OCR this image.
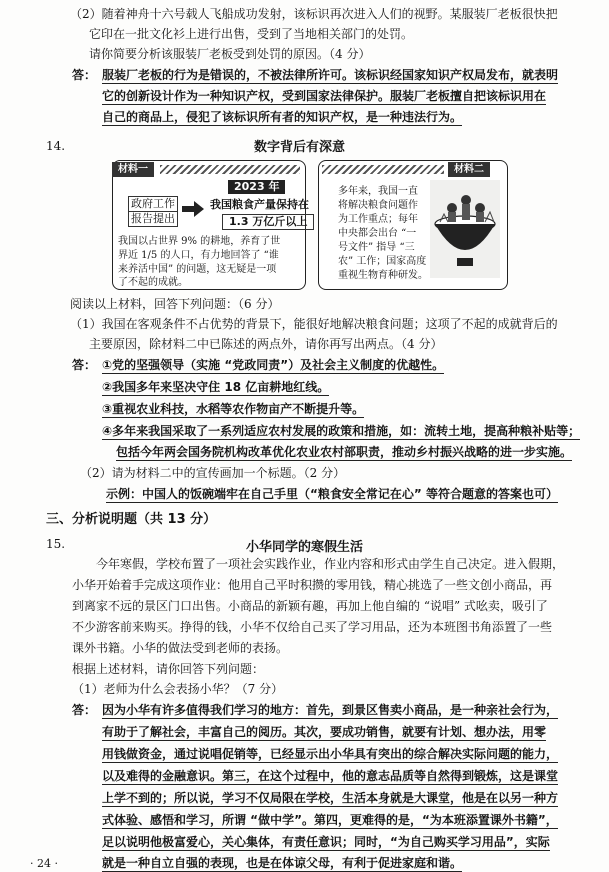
（2）随着神舟十六号载人飞船成功发射，该标识再次进入人们的视野。某服装厂老板很快把
它印在一批文化衫上进行出售，受到了当地相关部门的处罚。
请你简要分析该服装厂老板受到处罚的原因。（4 分）
答： 服装厂老板的行为是错误的，不被法律所许可。该标识经国家知识产权局发布，就表明
它的创新设计作为一种知识产权，受到国家法律保护。服装厂老板擅自把该标识用在
自己的商品上，侵犯了该标识所有者的知识产权，是一种违法行为。
14.	数字背后有深意
材料一
2023 年
政府工作
报告提出
我国粮食产量保持在
1.3 万亿斤以上
我国以占世界 9% 的耕地，养育了世
界近 1/5 的人口，有力地回答了 “谁
来养活中国” 的问题，这无疑是一项
了不起的成就。
材料二
多年来，我国一直
将解决粮食问题作
为工作重点；每年
中央都会出台 “一
号文件” 指导 “三
农” 工作；国家高度
重视生物育种研发。
阅读以上材料，回答下列问题：（6 分）
（1）我国在客观条件不占优势的背景下，能很好地解决粮食问题；这项了不起的成就背后的
主要原因，除材料二中已陈述的两点外，请你再写出两点。（4 分）
答： ①党的坚强领导（实施 “党政同责”）及社会主义制度的优越性。
②我国多年来坚决守住 18 亿亩耕地红线。
③重视农业科技，水稻等农作物亩产不断提升等。
④多年来我国采取了一系列适应农村发展的政策和措施，如：流转土地，提高种粮补贴等；
包括今年两会国务院机构改革优化农业农村部职责，推动乡村振兴战略的进一步实施。
（2）请为材料二中的宣传画加一个标题。（2 分）
示例：中国人的饭碗端牢在自己手里（“粮食安全常记在心” 等符合题意的答案也可）
三、分析说明题（共 13 分）
15.	小华同学的寒假生活
今年寒假，学校布置了一项社会实践作业，作业内容和形式由学生自己决定。进入假期，
小华开始着手完成这项作业：他用自己平时积攒的零用钱，精心挑选了一些文创小商品，再
到离家不远的景区门口出售。小商品的新颖有趣，再加上他自编的 “说唱” 式吆卖，吸引了
不少游客前来购买。挣得的钱，小华不仅给自己买了学习用品，还为本班图书角添置了一些
课外书籍。小华的做法受到老师的表扬。
根据上述材料，请你回答下列问题：
（1）老师为什么会表扬小华？（7 分）
答： 因为小华有许多值得我们学习的地方：首先，到景区售卖小商品，是一种亲社会行为，
有助于了解社会，丰富自己的阅历。其次，要成功销售，就要有计划、想办法，用零
用钱做资金，通过说唱促销等，已经显示出小华具有突出的综合解决实际问题的能力，
以及难得的金融意识。第三，在这个过程中，他的意志品质等自然得到锻炼，这是课堂
上学不到的；所以说，学习不仅局限在学校，生活本身就是大课堂，他是在以另一种方
式体验、感悟和学习，所谓 “做中学”。第四，更难得的是，“为本班添置课外书籍”，
足以说明他极富爱心，关心集体，有责任意识；同时，“为自己购买学习用品”，实际
就是一种自立自强的表现，也是在体谅父母，有利于促进家庭和谐。
· 24 ·
